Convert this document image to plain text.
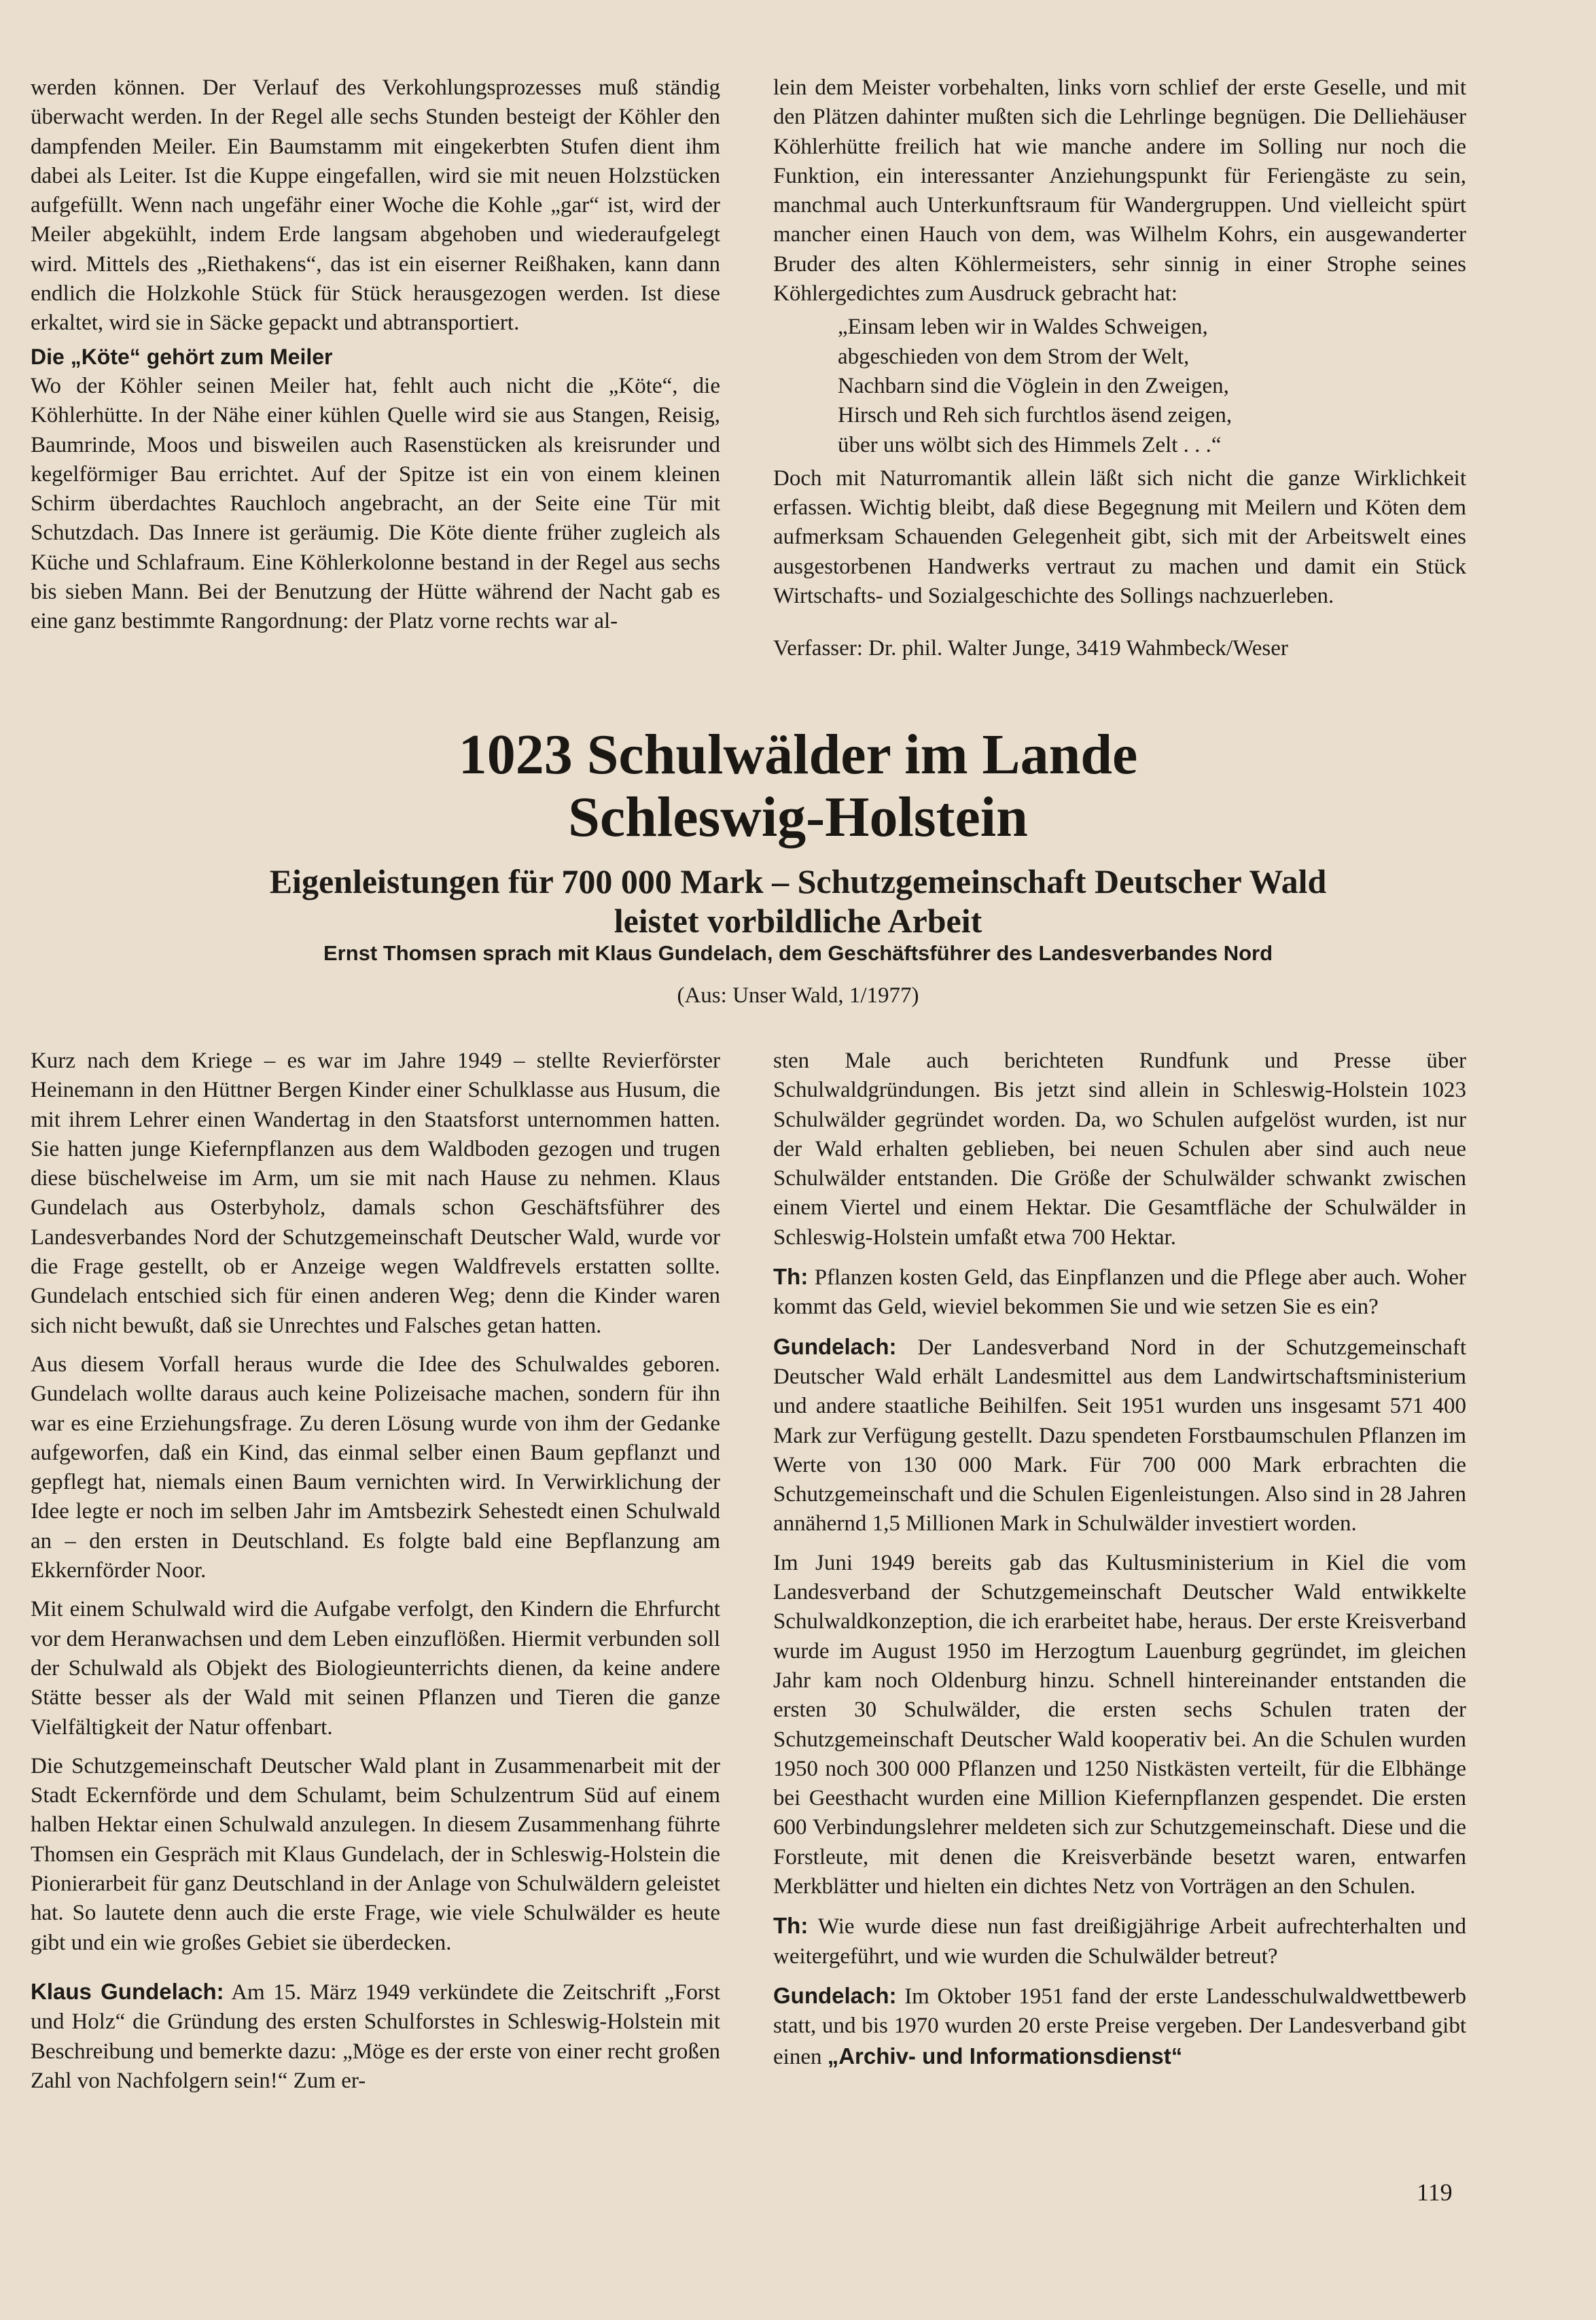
werden können. Der Verlauf des Verkohlungsprozesses muß ständig überwacht werden. In der Regel alle sechs Stunden besteigt der Köhler den dampfenden Meiler. Ein Baumstamm mit eingekerbten Stufen dient ihm dabei als Leiter. Ist die Kuppe eingefallen, wird sie mit neuen Holzstücken aufgefüllt. Wenn nach ungefähr einer Woche die Kohle „gar“ ist, wird der Meiler abgekühlt, indem Erde langsam abgehoben und wiederaufgelegt wird. Mittels des „Riethakens“, das ist ein eiserner Reißhaken, kann dann endlich die Holzkohle Stück für Stück herausgezogen werden. Ist diese erkaltet, wird sie in Säcke gepackt und abtransportiert.

Die „Köte“ gehört zum Meiler

Wo der Köhler seinen Meiler hat, fehlt auch nicht die „Köte“, die Köhlerhütte. In der Nähe einer kühlen Quelle wird sie aus Stangen, Reisig, Baumrinde, Moos und bisweilen auch Rasenstücken als kreisrunder und kegelförmiger Bau errichtet. Auf der Spitze ist ein von einem kleinen Schirm überdachtes Rauchloch angebracht, an der Seite eine Tür mit Schutzdach. Das Innere ist geräumig. Die Köte diente früher zugleich als Küche und Schlafraum. Eine Köhlerkolonne bestand in der Regel aus sechs bis sieben Mann. Bei der Benutzung der Hütte während der Nacht gab es eine ganz bestimmte Rangordnung: der Platz vorne rechts war al-

lein dem Meister vorbehalten, links vorn schlief der erste Geselle, und mit den Plätzen dahinter mußten sich die Lehrlinge begnügen. Die Delliehäuser Köhlerhütte freilich hat wie manche andere im Solling nur noch die Funktion, ein interessanter Anziehungspunkt für Feriengäste zu sein, manchmal auch Unterkunftsraum für Wandergruppen. Und vielleicht spürt mancher einen Hauch von dem, was Wilhelm Kohrs, ein ausgewanderter Bruder des alten Köhlermeisters, sehr sinnig in einer Strophe seines Köhlergedichtes zum Ausdruck gebracht hat:

„Einsam leben wir in Waldes Schweigen,
abgeschieden von dem Strom der Welt,
Nachbarn sind die Vöglein in den Zweigen,
Hirsch und Reh sich furchtlos äsend zeigen,
über uns wölbt sich des Himmels Zelt . . .“

Doch mit Naturromantik allein läßt sich nicht die ganze Wirklichkeit erfassen. Wichtig bleibt, daß diese Begegnung mit Meilern und Köten dem aufmerksam Schauenden Gelegenheit gibt, sich mit der Arbeitswelt eines ausgestorbenen Handwerks vertraut zu machen und damit ein Stück Wirtschafts- und Sozialgeschichte des Sollings nachzuerleben.

Verfasser: Dr. phil. Walter Junge, 3419 Wahmbeck/Weser
1023 Schulwälder im Lande
Schleswig-Holstein
Eigenleistungen für 700 000 Mark – Schutzgemeinschaft Deutscher Wald
leistet vorbildliche Arbeit
Ernst Thomsen sprach mit Klaus Gundelach, dem Geschäftsführer des Landesverbandes Nord
(Aus: Unser Wald, 1/1977)

Kurz nach dem Kriege – es war im Jahre 1949 – stellte Revierförster Heinemann in den Hüttner Bergen Kinder einer Schulklasse aus Husum, die mit ihrem Lehrer einen Wandertag in den Staatsforst unternommen hatten. Sie hatten junge Kiefernpflanzen aus dem Waldboden gezogen und trugen diese büschelweise im Arm, um sie mit nach Hause zu nehmen. Klaus Gundelach aus Osterbyholz, damals schon Geschäftsführer des Landesverbandes Nord der Schutzgemeinschaft Deutscher Wald, wurde vor die Frage gestellt, ob er Anzeige wegen Waldfrevels erstatten sollte. Gundelach entschied sich für einen anderen Weg; denn die Kinder waren sich nicht bewußt, daß sie Unrechtes und Falsches getan hatten.

Aus diesem Vorfall heraus wurde die Idee des Schulwaldes geboren. Gundelach wollte daraus auch keine Polizeisache machen, sondern für ihn war es eine Erziehungsfrage. Zu deren Lösung wurde von ihm der Gedanke aufgeworfen, daß ein Kind, das einmal selber einen Baum gepflanzt und gepflegt hat, niemals einen Baum vernichten wird. In Verwirklichung der Idee legte er noch im selben Jahr im Amtsbezirk Sehestedt einen Schulwald an – den ersten in Deutschland. Es folgte bald eine Bepflanzung am Ekkernförder Noor.

Mit einem Schulwald wird die Aufgabe verfolgt, den Kindern die Ehrfurcht vor dem Heranwachsen und dem Leben einzuflößen. Hiermit verbunden soll der Schulwald als Objekt des Biologieunterrichts dienen, da keine andere Stätte besser als der Wald mit seinen Pflanzen und Tieren die ganze Vielfältigkeit der Natur offenbart.

Die Schutzgemeinschaft Deutscher Wald plant in Zusammenarbeit mit der Stadt Eckernförde und dem Schulamt, beim Schulzentrum Süd auf einem halben Hektar einen Schulwald anzulegen. In diesem Zusammenhang führte Thomsen ein Gespräch mit Klaus Gundelach, der in Schleswig-Holstein die Pionierarbeit für ganz Deutschland in der Anlage von Schulwäldern geleistet hat. So lautete denn auch die erste Frage, wie viele Schulwälder es heute gibt und ein wie großes Gebiet sie überdecken.

Klaus Gundelach: Am 15. März 1949 verkündete die Zeitschrift „Forst und Holz“ die Gründung des ersten Schulforstes in Schleswig-Holstein mit Beschreibung und bemerkte dazu: „Möge es der erste von einer recht großen Zahl von Nachfolgern sein!“ Zum er-

sten Male auch berichteten Rundfunk und Presse über Schulwaldgründungen. Bis jetzt sind allein in Schleswig-Holstein 1023 Schulwälder gegründet worden. Da, wo Schulen aufgelöst wurden, ist nur der Wald erhalten geblieben, bei neuen Schulen aber sind auch neue Schulwälder entstanden. Die Größe der Schulwälder schwankt zwischen einem Viertel und einem Hektar. Die Gesamtfläche der Schulwälder in Schleswig-Holstein umfaßt etwa 700 Hektar.

Th: Pflanzen kosten Geld, das Einpflanzen und die Pflege aber auch. Woher kommt das Geld, wieviel bekommen Sie und wie setzen Sie es ein?

Gundelach: Der Landesverband Nord in der Schutzgemeinschaft Deutscher Wald erhält Landesmittel aus dem Landwirtschaftsministerium und andere staatliche Beihilfen. Seit 1951 wurden uns insgesamt 571 400 Mark zur Verfügung gestellt. Dazu spendeten Forstbaumschulen Pflanzen im Werte von 130 000 Mark. Für 700 000 Mark erbrachten die Schutzgemeinschaft und die Schulen Eigenleistungen. Also sind in 28 Jahren annähernd 1,5 Millionen Mark in Schulwälder investiert worden.

Im Juni 1949 bereits gab das Kultusministerium in Kiel die vom Landesverband der Schutzgemeinschaft Deutscher Wald entwikkelte Schulwaldkonzeption, die ich erarbeitet habe, heraus. Der erste Kreisverband wurde im August 1950 im Herzogtum Lauenburg gegründet, im gleichen Jahr kam noch Oldenburg hinzu. Schnell hintereinander entstanden die ersten 30 Schulwälder, die ersten sechs Schulen traten der Schutzgemeinschaft Deutscher Wald kooperativ bei. An die Schulen wurden 1950 noch 300 000 Pflanzen und 1250 Nistkästen verteilt, für die Elbhänge bei Geesthacht wurden eine Million Kiefernpflanzen gespendet. Die ersten 600 Verbindungslehrer meldeten sich zur Schutzgemeinschaft. Diese und die Forstleute, mit denen die Kreisverbände besetzt waren, entwarfen Merkblätter und hielten ein dichtes Netz von Vorträgen an den Schulen.

Th: Wie wurde diese nun fast dreißigjährige Arbeit aufrechterhalten und weitergeführt, und wie wurden die Schulwälder betreut?

Gundelach: Im Oktober 1951 fand der erste Landesschulwaldwettbewerb statt, und bis 1970 wurden 20 erste Preise vergeben. Der Landesverband gibt einen „Archiv- und Informationsdienst“

119
